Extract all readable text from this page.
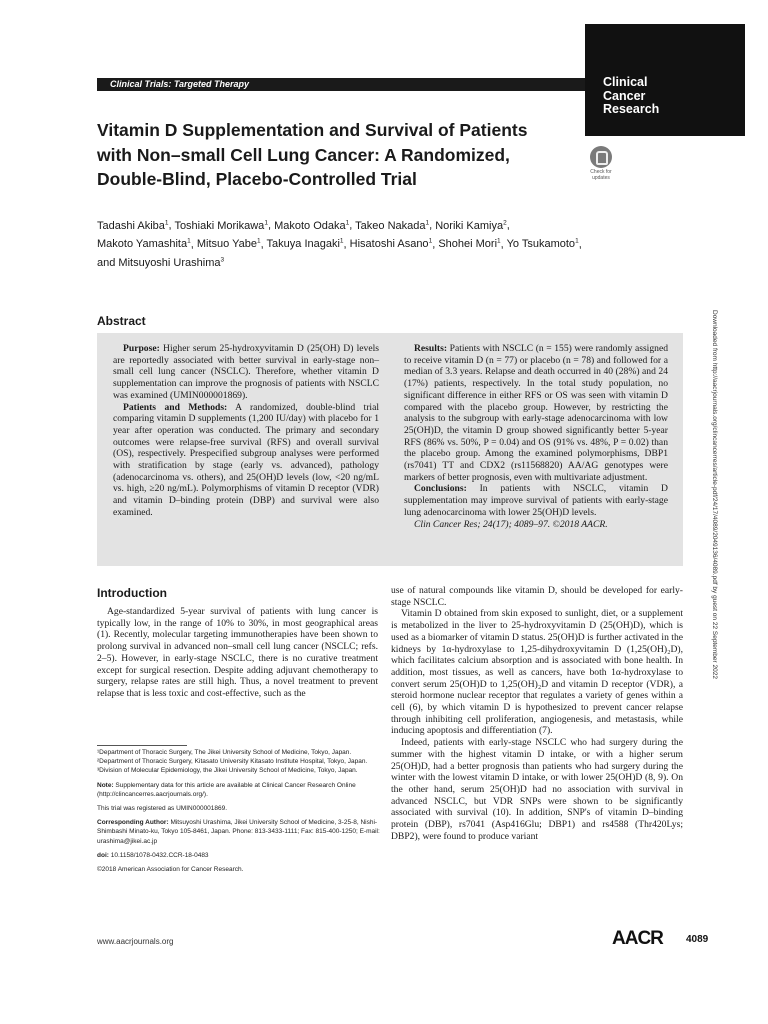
Clinical Trials: Targeted Therapy	Clinical
Cancer
Research
Check for
updates
Vitamin D Supplementation and Survival of Patients with Non–small Cell Lung Cancer: A Randomized, Double-Blind, Placebo-Controlled Trial
Tadashi Akiba$^1$, Toshiaki Morikawa$^1$, Makoto Odaka$^1$, Takeo Nakada$^1$, Noriki Kamiya$^2$, Makoto Yamashita$^1$, Mitsuo Yabe$^1$, Takuya Inagaki$^1$, Hisatoshi Asano$^1$, Shohei Mori$^1$, Yo Tsukamoto$^1$, and Mitsuyoshi Urashima$^3$
Abstract

Purpose: Higher serum 25-hydroxyvitamin D (25(OH) D) levels are reportedly associated with better survival in early-stage non–small cell lung cancer (NSCLC). Therefore, whether vitamin D supplementation can improve the prognosis of patients with NSCLC was examined (UMIN000001869).

Patients and Methods: A randomized, double-blind trial comparing vitamin D supplements (1,200 IU/day) with placebo for 1 year after operation was conducted. The primary and secondary outcomes were relapse-free survival (RFS) and overall survival (OS), respectively. Prespecified subgroup analyses were performed with stratification by stage (early vs. advanced), pathology (adenocarcinoma vs. others), and 25(OH)D levels (low, <20 ng/mL vs. high, ≥20 ng/mL). Polymorphisms of vitamin D receptor (VDR) and vitamin D–binding protein (DBP) and survival were also examined.

Results: Patients with NSCLC (n = 155) were randomly assigned to receive vitamin D (n = 77) or placebo (n = 78) and followed for a median of 3.3 years. Relapse and death occurred in 40 (28%) and 24 (17%) patients, respectively. In the total study population, no significant difference in either RFS or OS was seen with vitamin D compared with the placebo group. However, by restricting the analysis to the subgroup with early-stage adenocarcinoma with low 25(OH)D, the vitamin D group showed significantly better 5-year RFS (86% vs. 50%, P = 0.04) and OS (91% vs. 48%, P = 0.02) than the placebo group. Among the examined polymorphisms, DBP1 (rs7041) TT and CDX2 (rs11568820) AA/AG genotypes were markers of better prognosis, even with multivariate adjustment.

Conclusions: In patients with NSCLC, vitamin D supplementation may improve survival of patients with early-stage lung adenocarcinoma with lower 25(OH)D levels.

Clin Cancer Res; 24(17); 4089–97. ©2018 AACR.	Downloaded from http://aacrjournals.org/clincancerres/article-pdf/24/17/4089/2049136/4089.pdf by guest on 22 September 2022
Introduction

Age-standardized 5-year survival of patients with lung cancer is typically low, in the range of 10% to 30%, in most geographical areas (1). Recently, molecular targeting immunotherapies have been shown to prolong survival in advanced non–small cell lung cancer (NSCLC; refs. 2–5). However, in early-stage NSCLC, there is no curative treatment except for surgical resection. Despite adding adjuvant chemotherapy to surgery, relapse rates are still high. Thus, a novel treatment to prevent relapse that is less toxic and cost-effective, such as the

use of natural compounds like vitamin D, should be developed for early-stage NSCLC.

Vitamin D obtained from skin exposed to sunlight, diet, or a supplement is metabolized in the liver to 25-hydroxyvitamin D (25(OH)D), which is used as a biomarker of vitamin D status. 25(OH)D is further activated in the kidneys by 1α-hydroxylase to 1,25-dihydroxyvitamin D (1,25(OH)₂D), which facilitates calcium absorption and is associated with bone health. In addition, most tissues, as well as cancers, have both 1α-hydroxylase to convert serum 25(OH)D to 1,25(OH)₂D and vitamin D receptor (VDR), a steroid hormone nuclear receptor that regulates a variety of genes within a cell (6), by which vitamin D is hypothesized to prevent cancer relapse through inhibiting cell proliferation, angiogenesis, and metastasis, while inducing apoptosis and differentiation (7).

Indeed, patients with early-stage NSCLC who had surgery during the summer with the highest vitamin D intake, or with a higher serum 25(OH)D, had a better prognosis than patients who had surgery during the winter with the lowest vitamin D intake, or with lower 25(OH)D (8, 9). On the other hand, serum 25(OH)D had no association with survival in advanced NSCLC, but VDR SNPs were shown to be significantly associated with survival (10). In addition, SNP's of vitamin D–binding protein (DBP), rs7041 (Asp416Glu; DBP1) and rs4588 (Thr420Lys; DBP2), were found to produce variant

¹Department of Thoracic Surgery, The Jikei University School of Medicine, Tokyo, Japan. ²Department of Thoracic Surgery, Kitasato University Kitasato Institute Hospital, Tokyo, Japan. ³Division of Molecular Epidemiology, the Jikei University School of Medicine, Tokyo, Japan.

Note: Supplementary data for this article are available at Clinical Cancer Research Online (http://clincancerres.aacrjournals.org/).

This trial was registered as UMIN000001869.

Corresponding Author: Mitsuyoshi Urashima, Jikei University School of Medicine, 3-25-8, Nishi-Shimbashi Minato-ku, Tokyo 105-8461, Japan. Phone: 813-3433-1111; Fax: 815-400-1250; E-mail: urashima@jikei.ac.jp

doi: 10.1158/1078-0432.CCR-18-0483

©2018 American Association for Cancer Research.

www.aacrjournals.org	AACR 4089
